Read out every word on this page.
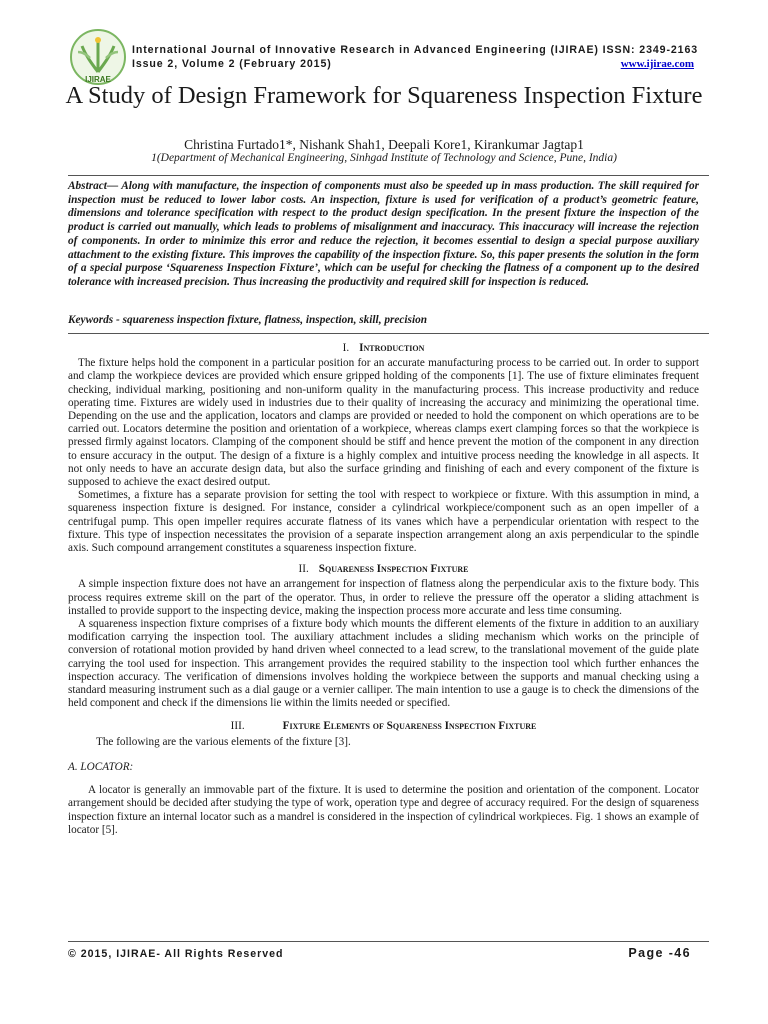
IJIRAE
International Journal of Innovative Research in Advanced Engineering (IJIRAE) ISSN: 2349-2163
Issue 2, Volume 2 (February 2015)	www.ijirae.com
A Study of Design Framework for Squareness Inspection Fixture
Christina Furtado1*, Nishank Shah1, Deepali Kore1, Kirankumar Jagtap1
1(Department of Mechanical Engineering, Sinhgad Institute of Technology and Science, Pune, India)
Abstract— Along with manufacture, the inspection of components must also be speeded up in mass production. The skill required for inspection must be reduced to lower labor costs. An inspection, fixture is used for verification of a product’s geometric feature, dimensions and tolerance specification with respect to the product design specification. In the present fixture the inspection of the product is carried out manually, which leads to problems of misalignment and inaccuracy. This inaccuracy will increase the rejection of components. In order to minimize this error and reduce the rejection, it becomes essential to design a special purpose auxiliary attachment to the existing fixture. This improves the capability of the inspection fixture. So, this paper presents the solution in the form of a special purpose ‘Squareness Inspection Fixture’, which can be useful for checking the flatness of a component up to the desired tolerance with increased precision. Thus increasing the productivity and required skill for inspection is reduced.
Keywords - squareness inspection fixture, flatness, inspection, skill, precision
I. Introduction

The fixture helps hold the component in a particular position for an accurate manufacturing process to be carried out. In order to support and clamp the workpiece devices are provided which ensure gripped holding of the components [1]. The use of fixture eliminates frequent checking, individual marking, positioning and non-uniform quality in the manufacturing process. This increase productivity and reduce operating time. Fixtures are widely used in industries due to their quality of increasing the accuracy and minimizing the operational time. Depending on the use and the application, locators and clamps are provided or needed to hold the component on which operations are to be carried out. Locators determine the position and orientation of a workpiece, whereas clamps exert clamping forces so that the workpiece is pressed firmly against locators. Clamping of the component should be stiff and hence prevent the motion of the component in any direction to ensure accuracy in the output. The design of a fixture is a highly complex and intuitive process needing the knowledge in all aspects. It not only needs to have an accurate design data, but also the surface grinding and finishing of each and every component of the fixture is supposed to achieve the exact desired output.

Sometimes, a fixture has a separate provision for setting the tool with respect to workpiece or fixture. With this assumption in mind, a squareness inspection fixture is designed. For instance, consider a cylindrical workpiece/component such as an open impeller of a centrifugal pump. This open impeller requires accurate flatness of its vanes which have a perpendicular orientation with respect to the fixture. This type of inspection necessitates the provision of a separate inspection arrangement along an axis perpendicular to the spindle axis. Such compound arrangement constitutes a squareness inspection fixture.

II. Squareness Inspection Fixture

A simple inspection fixture does not have an arrangement for inspection of flatness along the perpendicular axis to the fixture body. This process requires extreme skill on the part of the operator. Thus, in order to relieve the pressure off the operator a sliding attachment is installed to provide support to the inspecting device, making the inspection process more accurate and less time consuming.

A squareness inspection fixture comprises of a fixture body which mounts the different elements of the fixture in addition to an auxiliary modification carrying the inspection tool. The auxiliary attachment includes a sliding mechanism which works on the principle of conversion of rotational motion provided by hand driven wheel connected to a lead screw, to the translational movement of the guide plate carrying the tool used for inspection. This arrangement provides the required stability to the inspection tool which further enhances the inspection accuracy. The verification of dimensions involves holding the workpiece between the supports and manual checking using a standard measuring instrument such as a dial gauge or a vernier calliper. The main intention to use a gauge is to check the dimensions of the held component and check if the dimensions lie within the limits needed or specified.

III.	Fixture Elements of Squareness Inspection Fixture

The following are the various elements of the fixture [3].

A. LOCATOR:

A locator is generally an immovable part of the fixture. It is used to determine the position and orientation of the component. Locator arrangement should be decided after studying the type of work, operation type and degree of accuracy required. For the design of squareness inspection fixture an internal locator such as a mandrel is considered in the inspection of cylindrical workpieces. Fig. 1 shows an example of locator [5].

© 2015, IJIRAE- All Rights Reserved	Page -46
